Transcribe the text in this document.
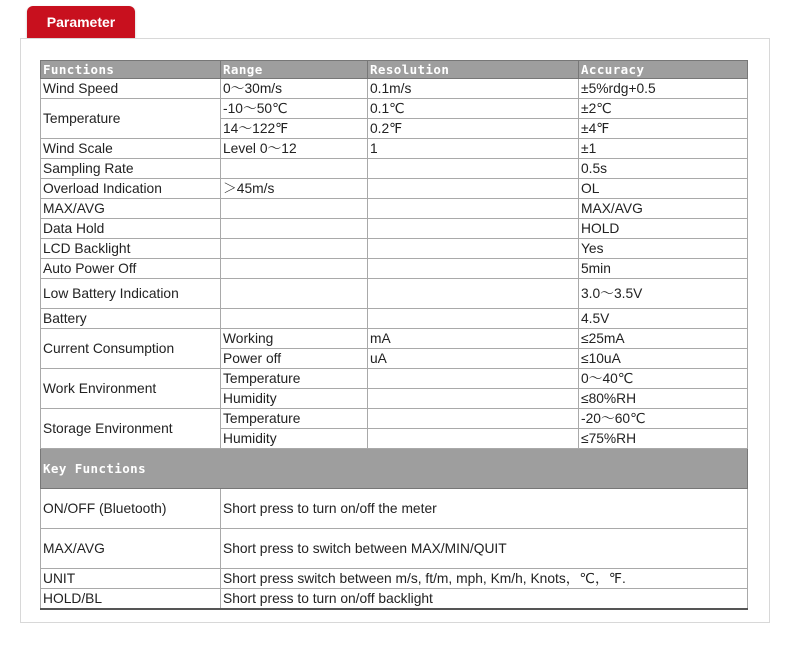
Parameter
Functions	Range	Resolution	Accuracy
Wind Speed	0～30m/s	0.1m/s	±5%rdg+0.5
Temperature	-10～50℃	0.1℃	±2℃
	14～122℉	0.2℉	±4℉
Wind Scale	Level 0～12	1	±1
Sampling Rate			0.5s
Overload Indication	＞45m/s		OL
MAX/AVG			MAX/AVG
Data Hold			HOLD
LCD Backlight			Yes
Auto Power Off			5min
Low Battery Indication			3.0～3.5V
Battery			4.5V
Current Consumption	Working	mA	≤25mA
	Power off	uA	≤10uA
Work Environment	Temperature		0～40℃
	Humidity		≤80%RH
Storage Environment	Temperature		-20～60℃
	Humidity		≤75%RH
Key Functions			
ON/OFF (Bluetooth)	Short press to turn on/off the meter		
MAX/AVG	Short press to switch between MAX/MIN/QUIT		
UNIT	Short press switch between m/s, ft/m, mph, Km/h, Knots，℃，℉.		
HOLD/BL	Short press to turn on/off backlight		
